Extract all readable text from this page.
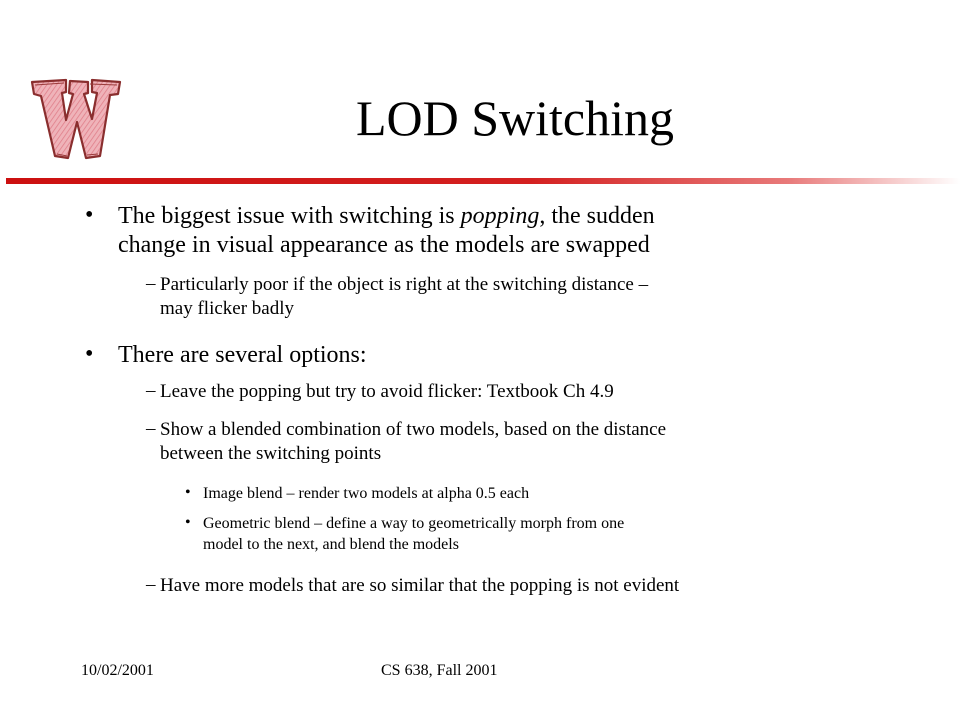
LOD Switching
• The biggest issue with switching is popping, the sudden
change in visual appearance as the models are swapped
– Particularly poor if the object is right at the switching distance –
may flicker badly
• There are several options:
– Leave the popping but try to avoid flicker: Textbook Ch 4.9
– Show a blended combination of two models, based on the distance
between the switching points
• Image blend – render two models at alpha 0.5 each
• Geometric blend – define a way to geometrically morph from one
model to the next, and blend the models
– Have more models that are so similar that the popping is not evident
10/02/2001	CS 638, Fall 2001
